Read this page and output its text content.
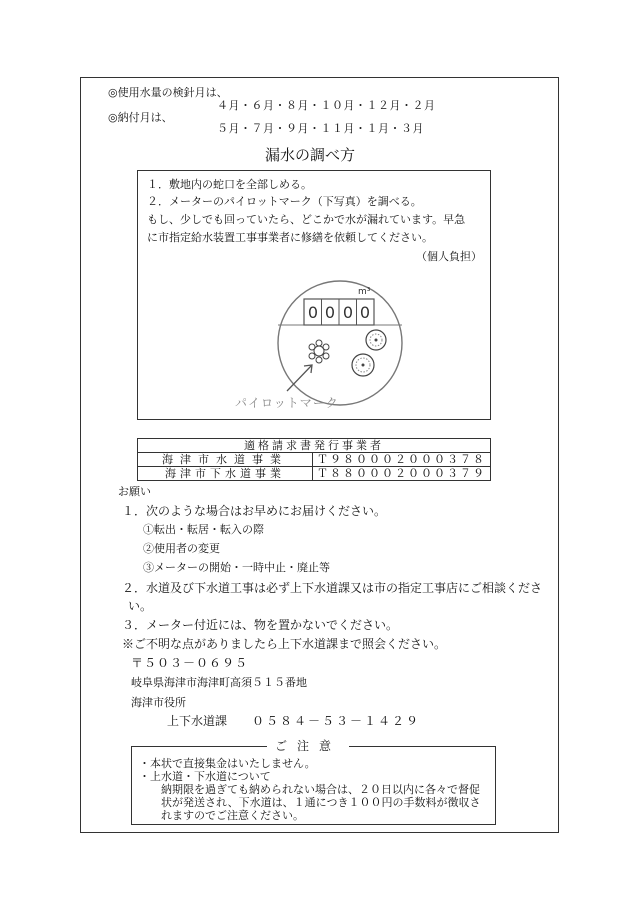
◎使用水量の検針月は、
４月・６月・８月・１０月・１２月・２月
◎納付月は、
５月・７月・９月・１１月・１月・３月
漏水の調べ方
１．敷地内の蛇口を全部しめる。
２．メーターのパイロットマーク（下写真）を調べる。
もし、少しでも回っていたら、どこかで水が漏れています。早急
に市指定給水装置工事事業者に修繕を依頼してください。
（個人負担）
0 0 0 0
m³
パイロットマーク
適格請求書発行事業者	
海津市水道事業	Ｔ９８０００２０００３７８
海津市下水道事業	Ｔ８８０００２０００３７９
お願い
１．次のような場合はお早めにお届けください。
①転出・転居・転入の際
②使用者の変更
③メーターの開始・一時中止・廃止等
２．水道及び下水道工事は必ず上下水道課又は市の指定工事店にご相談くださ
い。
３．メーター付近には、物を置かないでください。
※ご不明な点がありましたら上下水道課まで照会ください。
〒５０３－０６９５
岐阜県海津市海津町高須５１５番地
海津市役所
上下水道課 ０５８４－５３－１４２９
ご注意
・本状で直接集金はいたしません。
・上水道・下水道について
納期限を過ぎても納められない場合は、２０日以内に各々で督促
状が発送され、下水道は、１通につき１００円の手数料が徴収さ
れますのでご注意ください。
